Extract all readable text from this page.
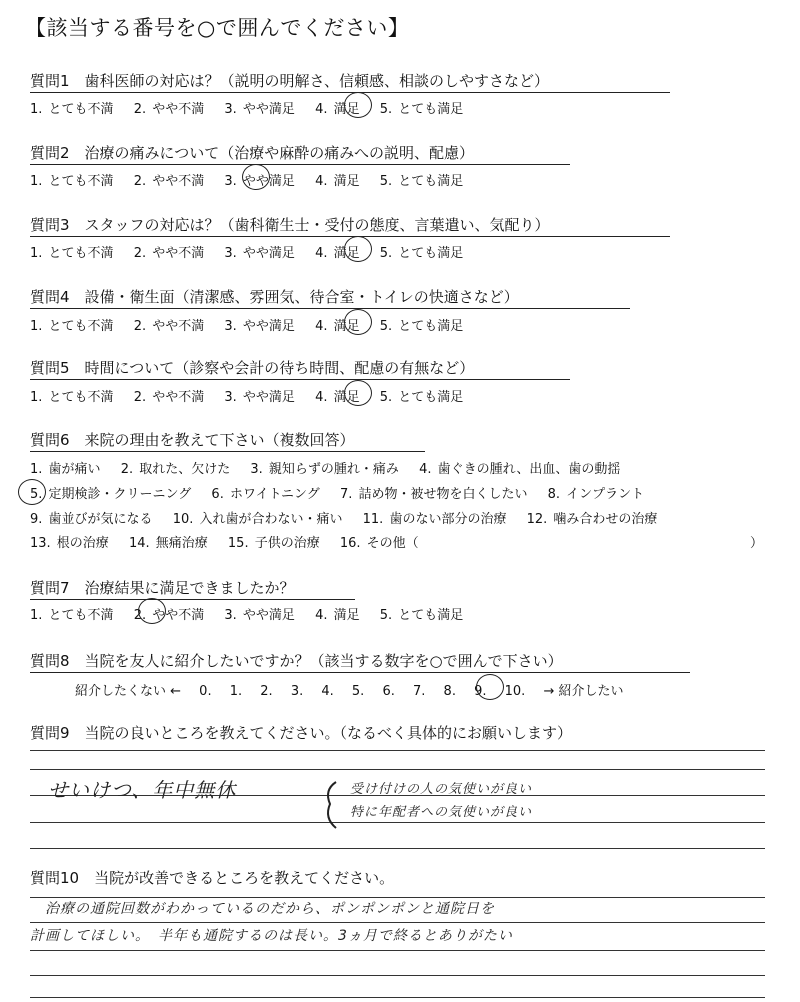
【該当する番号を○で囲んでください】
質問1　歯科医師の対応は？（説明の明解さ、信頼感、相談のしやすさなど）
1. とても不満 2. やや不満 3. やや満足 4. 満足 5. とても満足
質問2　治療の痛みについて（治療や麻酔の痛みへの説明、配慮）
1. とても不満 2. やや不満 3. やや満足 4. 満足 5. とても満足
質問3　スタッフの対応は？（歯科衛生士・受付の態度、言葉遣い、気配り）
1. とても不満 2. やや不満 3. やや満足 4. 満足 5. とても満足
質問4　設備・衛生面（清潔感、雰囲気、待合室・トイレの快適さなど）
1. とても不満 2. やや不満 3. やや満足 4. 満足 5. とても満足
質問5　時間について（診察や会計の待ち時間、配慮の有無など）
1. とても不満 2. やや不満 3. やや満足 4. 満足 5. とても満足
質問6　来院の理由を教えて下さい（複数回答）
1. 歯が痛い 2. 取れた、欠けた 3. 親知らずの腫れ・痛み 4. 歯ぐきの腫れ、出血、歯の動揺
5. 定期検診・クリーニング 6. ホワイトニング 7. 詰め物・被せ物を白くしたい 8. インプラント
9. 歯並びが気になる 10. 入れ歯が合わない・痛い 11. 歯のない部分の治療 12. 噛み合わせの治療
13. 根の治療 14. 無痛治療 15. 子供の治療 16. その他（	）
質問7　治療結果に満足できましたか？
1. とても不満 2. やや不満 3. やや満足 4. 満足 5. とても満足
質問8　当院を友人に紹介したいですか？（該当する数字を○で囲んで下さい）
紹介したくない ← 0. 1. 2. 3. 4. 5. 6. 7. 8. 9. 10. → 紹介したい
質問9　当院の良いところを教えてください。（なるべく具体的にお願いします）
せいけつ、年中無休	受け付けの人の気使いが良い
特に年配者への気使いが良い
質問10　当院が改善できるところを教えてください。
治療の通院回数がわかっているのだから、ポンポンポンと通院日を
計画してほしい。　半年も通院するのは長い。3ヵ月で終るとありがたい
